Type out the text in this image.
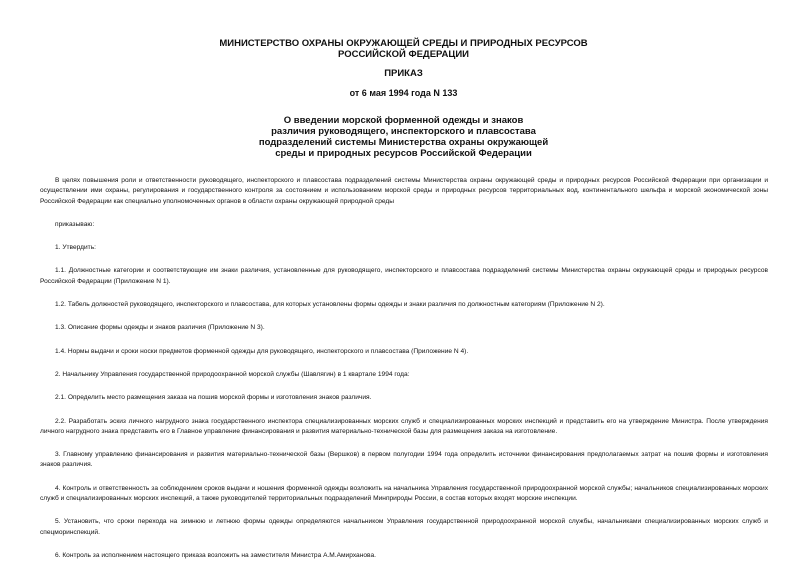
МИНИСТЕРСТВО ОХРАНЫ ОКРУЖАЮЩЕЙ СРЕДЫ И ПРИРОДНЫХ РЕСУРСОВ
РОССИЙСКОЙ ФЕДЕРАЦИИ
ПРИКАЗ
от 6 мая 1994 года N 133
О введении морской форменной одежды и знаков
различия руководящего, инспекторского и плавсостава
подразделений системы Министерства охраны окружающей
среды и природных ресурсов Российской Федерации

В целях повышения роли и ответственности руководящего, инспекторского и плавсостава подразделений системы Министерства охраны окружающей среды и природных ресурсов Российской Федерации при организации и осуществлении ими охраны, регулирования и государственного контроля за состоянием и использованием морской среды и природных ресурсов территориальных вод, континентального шельфа и морской экономической зоны Российской Федерации как специально уполномоченных органов в области охраны окружающей природной среды

приказываю:

1. Утвердить:

1.1. Должностные категории и соответствующие им знаки различия, установленные для руководящего, инспекторского и плавсостава подразделений системы Министерства охраны окружающей среды и природных ресурсов Российской Федерации (Приложение N 1).

1.2. Табель должностей руководящего, инспекторского и плавсостава, для которых установлены формы одежды и знаки различия по должностным категориям (Приложение N 2).

1.3. Описание формы одежды и знаков различия (Приложение N 3).

1.4. Нормы выдачи и сроки носки предметов форменной одежды для руководящего, инспекторского и плавсостава (Приложение N 4).

2. Начальнику Управления государственной природоохранной морской службы (Шавлягин) в 1 квартале 1994 года:

2.1. Определить место размещения заказа на пошив морской формы и изготовления знаков различия.

2.2. Разработать эскиз личного нагрудного знака государственного инспектора специализированных морских служб и специализированных морских инспекций и представить его на утверждение Министра. После утверждения личного нагрудного знака представить его в Главное управление финансирования и развития материально-технической базы для размещения заказа на изготовление.

3. Главному управлению финансирования и развития материально-технической базы (Вершков) в первом полугодии 1994 года определить источники финансирования предполагаемых затрат на пошив формы и изготовления знаков различия.

4. Контроль и ответственность за соблюдением сроков выдачи и ношения форменной одежды возложить на начальника Управления государственной природоохранной морской службы; начальников специализированных морских служб и специализированных морских инспекций, а также руководителей территориальных подразделений Минприроды России, в состав которых входят морские инспекции.

5. Установить, что сроки перехода на зимнюю и летнюю формы одежды определяются начальником Управления государственной природоохранной морской службы, начальниками специализированных морских служб и спецморинспекций.

6. Контроль за исполнением настоящего приказа возложить на заместителя Министра А.М.Амирханова.
